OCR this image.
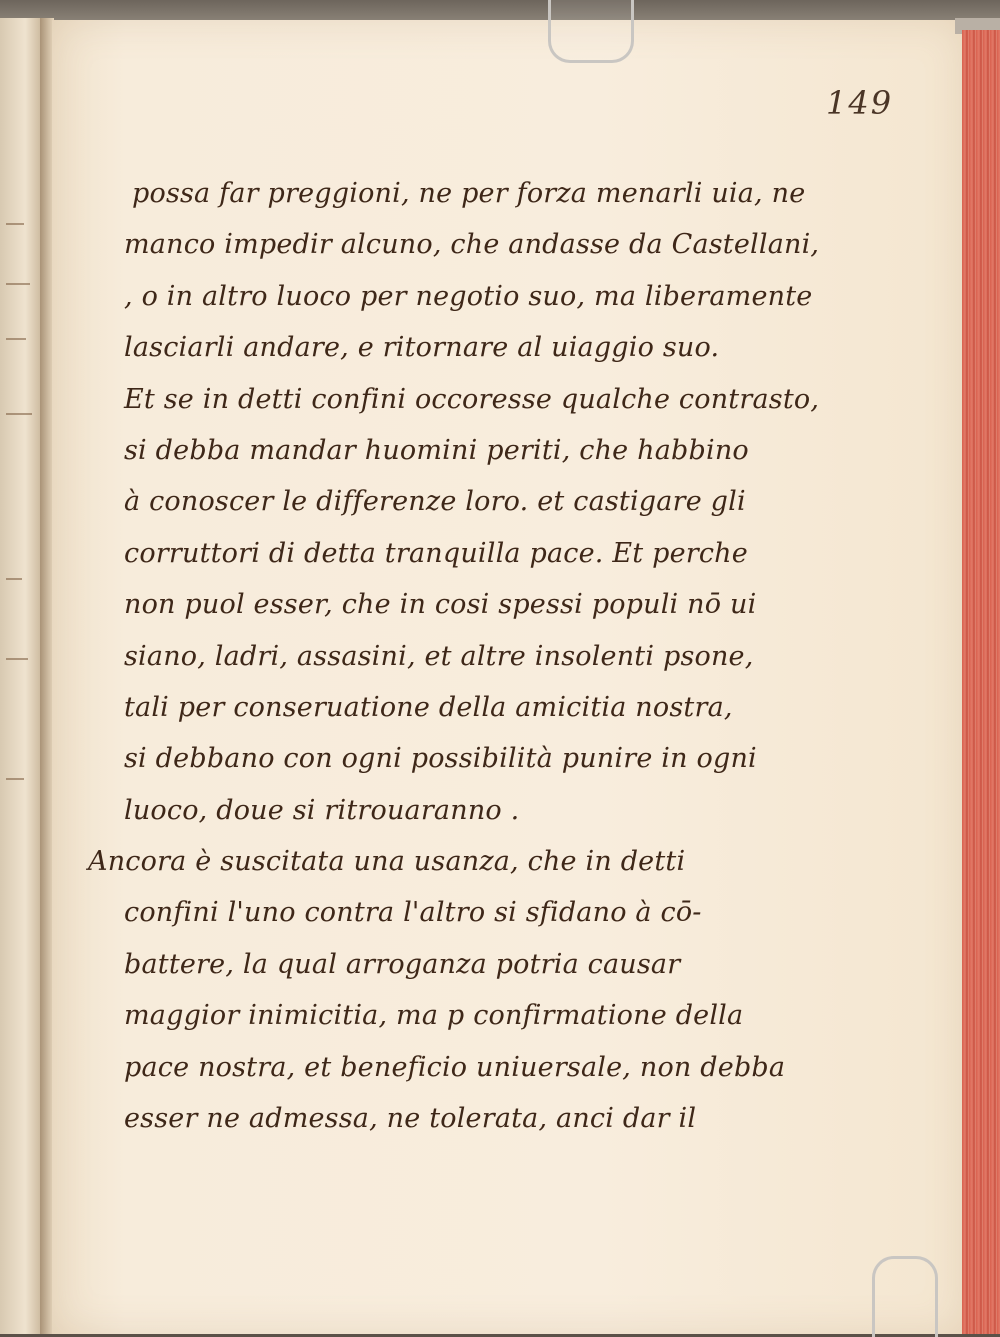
149
possa far preggioni, ne per forza menarli uia, ne
manco impedir alcuno, che andasse da Castellani,
, o in altro luoco per negotio suo, ma liberamente
lasciarli andare, e ritornare al uiaggio suo.
Et se in detti confini occoresse qualche contrasto,
si debba mandar huomini periti, che habbino
à conoscer le differenze loro. et castigare gli
corruttori di detta tranquilla pace. Et perche
non puol esser, che in cosi spessi populi nō ui
siano, ladri, assasini, et altre insolenti psone,
tali per conseruatione della amicitia nostra,
si debbano con ogni possibilità punire in ogni
luoco, doue si ritrouaranno .
Ancora è suscitata una usanza, che in detti
confini l'uno contra l'altro si sfidano à cō-
battere, la qual arroganza potria causar
maggior inimicitia, ma p confirmatione della
pace nostra, et beneficio uniuersale, non debba
esser ne admessa, ne tolerata, anci dar il
